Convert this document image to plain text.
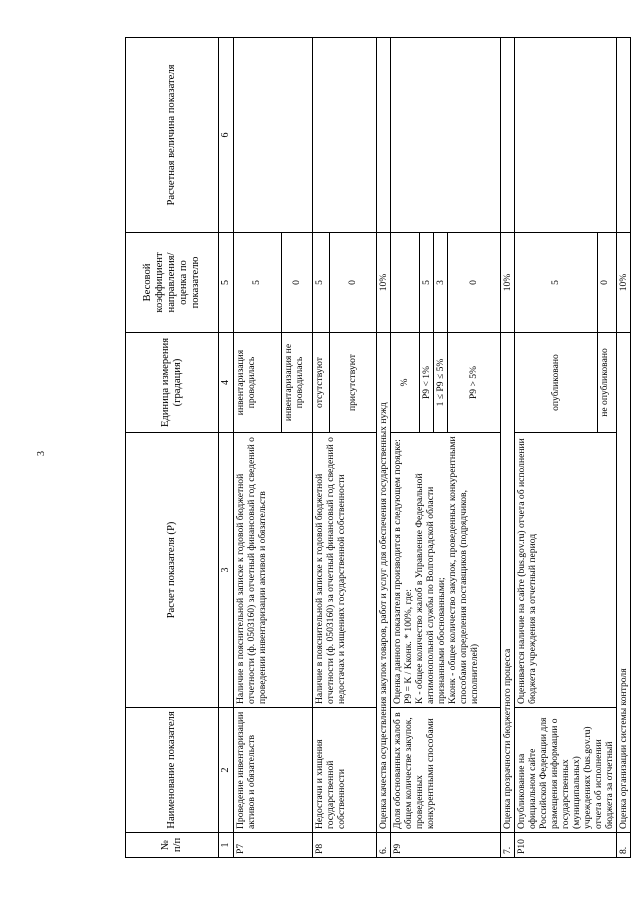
3
№ п/п	Наименование показателя	Расчет показателя (P)	Единица измерения (градация)	Весовой коэффициент направления/ оценка по показателю	Расчетная величина показателя
1	2	3	4	5	6
P7	Проведение инвентаризации активов и обязательств	Наличие в пояснительной записке к годовой бюджетной отчетности (ф. 0503160) за отчетный финансовый год сведений о проведении инвентаризации активов и обязательств	инвентаризация проводилась	5	
			инвентаризация не проводилась	0	
P8	Недостачи и хищения государственной собственности	Наличие в пояснительной записке к годовой бюджетной отчетности (ф. 0503160) за отчетный финансовый год сведений о недостачах и хищениях государственной собственности	отсутствуют	5	
			присутствуют	0	
6.	Оценка качества осуществления закупок товаров, работ и услуг для обеспечения государственных нужд			10%	
P9	Доля обоснованных жалоб в общем количестве закупок, проведенных конкурентными способами	Оценка данного показателя производится в следующем порядке: P9 = K / Kконк. * 100%, где: K - общее количество жалоб в Управление Федеральной антимонопольной службы по Волгоградской области признанными обоснованными; Kконк - общее количество закупок, проведенных конкурентными способами определения поставщиков (подрядчиков, исполнителей)	%		
			P9 < 1%	5	
			1 ≤ P9 ≤ 5%	3	
			P9 > 5%	0	
7.	Оценка прозрачности бюджетного процесса			10%	
P10	Опубликование на официальном сайте Российской Федерации для размещения информации о государственных (муниципальных) учреждениях (bus.gov.ru) отчета об исполнении бюджета за отчетный	Оценивается наличие на сайте (bus.gov.ru) отчета об исполнении бюджета учреждения за отчетный период	опубликовано	5	
			не опубликовано	0	
8.	Оценка организации системы контроля			10%	
